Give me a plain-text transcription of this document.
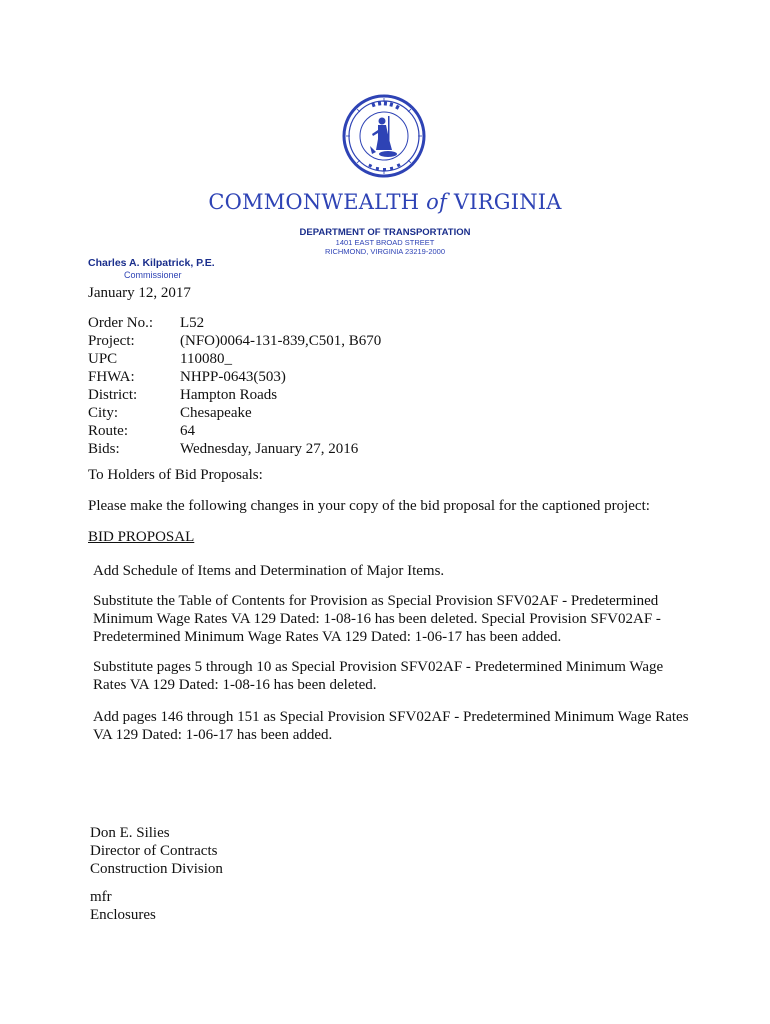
COMMONWEALTH of VIRGINIA
DEPARTMENT OF TRANSPORTATION
1401 EAST BROAD STREET
RICHMOND, VIRGINIA 23219-2000
Charles A. Kilpatrick, P.E.
Commissioner
January 12, 2017
Order No.:	L52
Project:	(NFO)0064-131-839,C501, B670
UPC	110080_
FHWA:	NHPP-0643(503)
District:	Hampton Roads
City:	Chesapeake
Route:	64
Bids:	Wednesday, January 27, 2016
To Holders of Bid Proposals:
Please make the following changes in your copy of the bid proposal for the captioned project:
BID PROPOSAL
Add Schedule of Items and Determination of Major Items.
Substitute the Table of Contents for Provision as Special Provision SFV02AF - Predetermined Minimum Wage Rates VA 129 Dated: 1-08-16 has been deleted. Special Provision SFV02AF - Predetermined Minimum Wage Rates VA 129 Dated: 1-06-17 has been added.
Substitute pages 5 through 10 as Special Provision SFV02AF - Predetermined Minimum Wage Rates VA 129 Dated: 1-08-16 has been deleted.
Add pages 146 through 151 as Special Provision SFV02AF - Predetermined Minimum Wage Rates VA 129 Dated: 1-06-17 has been added.
Don E. Silies
Director of Contracts
Construction Division
mfr
Enclosures
